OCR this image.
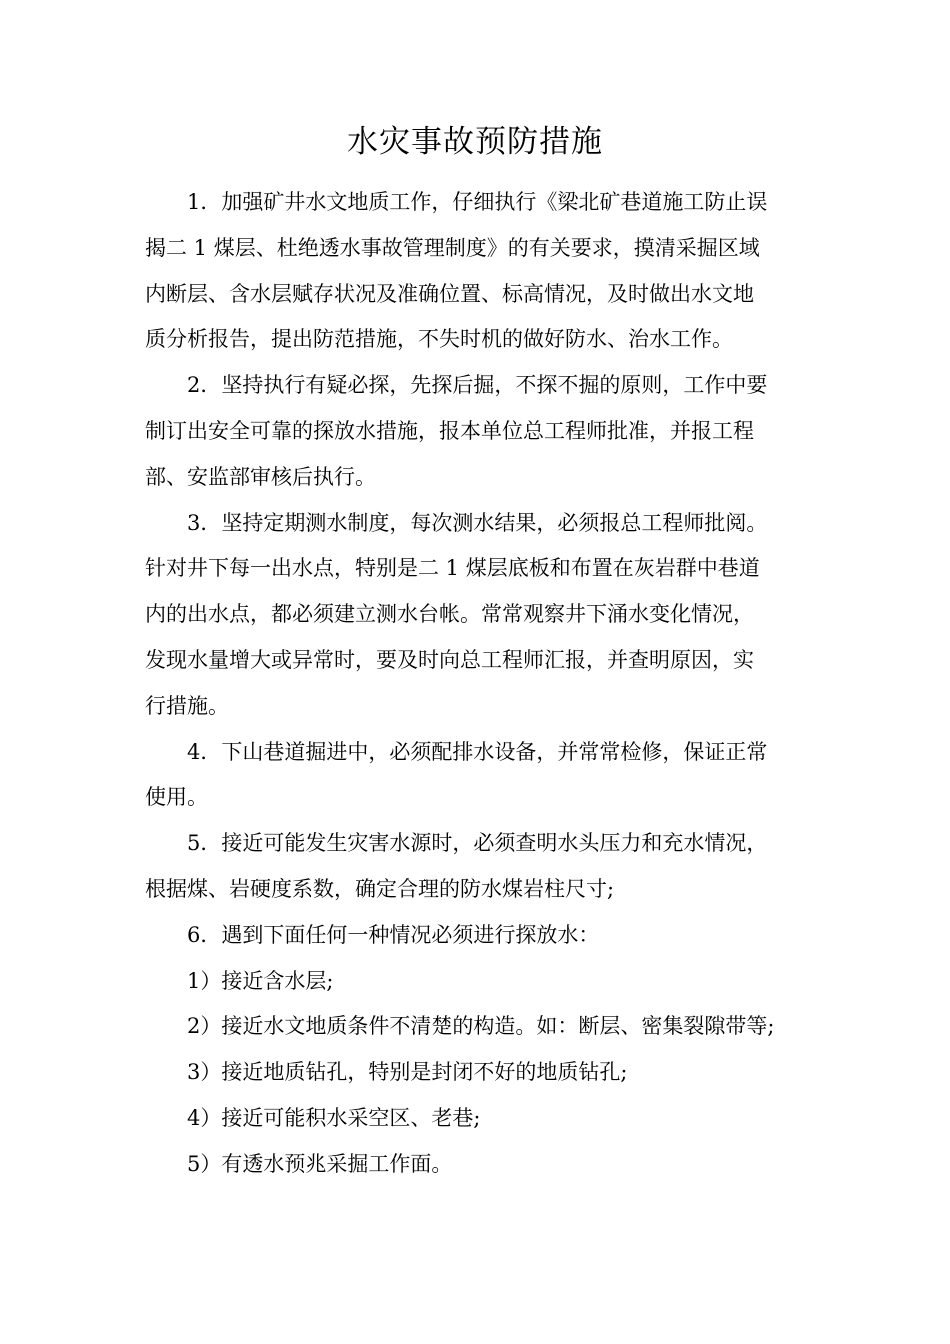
水灾事故预防措施

1．加强矿井水文地质工作，仔细执行《梁北矿巷道施工防止误
揭二 1 煤层、杜绝透水事故管理制度》的有关要求，摸清采掘区域
内断层、含水层赋存状况及准确位置、标高情况，及时做出水文地
质分析报告，提出防范措施，不失时机的做好防水、治水工作。

2．坚持执行有疑必探，先探后掘，不探不掘的原则，工作中要
制订出安全可靠的探放水措施，报本单位总工程师批准，并报工程
部、安监部审核后执行。

3．坚持定期测水制度，每次测水结果，必须报总工程师批阅。
针对井下每一出水点，特别是二 1 煤层底板和布置在灰岩群中巷道
内的出水点，都必须建立测水台帐。常常观察井下涌水变化情况，
发现水量增大或异常时，要及时向总工程师汇报，并查明原因，实
行措施。

4．下山巷道掘进中，必须配排水设备，并常常检修，保证正常
使用。

5．接近可能发生灾害水源时，必须查明水头压力和充水情况，
根据煤、岩硬度系数，确定合理的防水煤岩柱尺寸;

6．遇到下面任何一种情况必须进行探放水：

1）接近含水层;

2）接近水文地质条件不清楚的构造。如：断层、密集裂隙带等;

3）接近地质钻孔，特别是封闭不好的地质钻孔;

4）接近可能积水采空区、老巷;

5）有透水预兆采掘工作面。
